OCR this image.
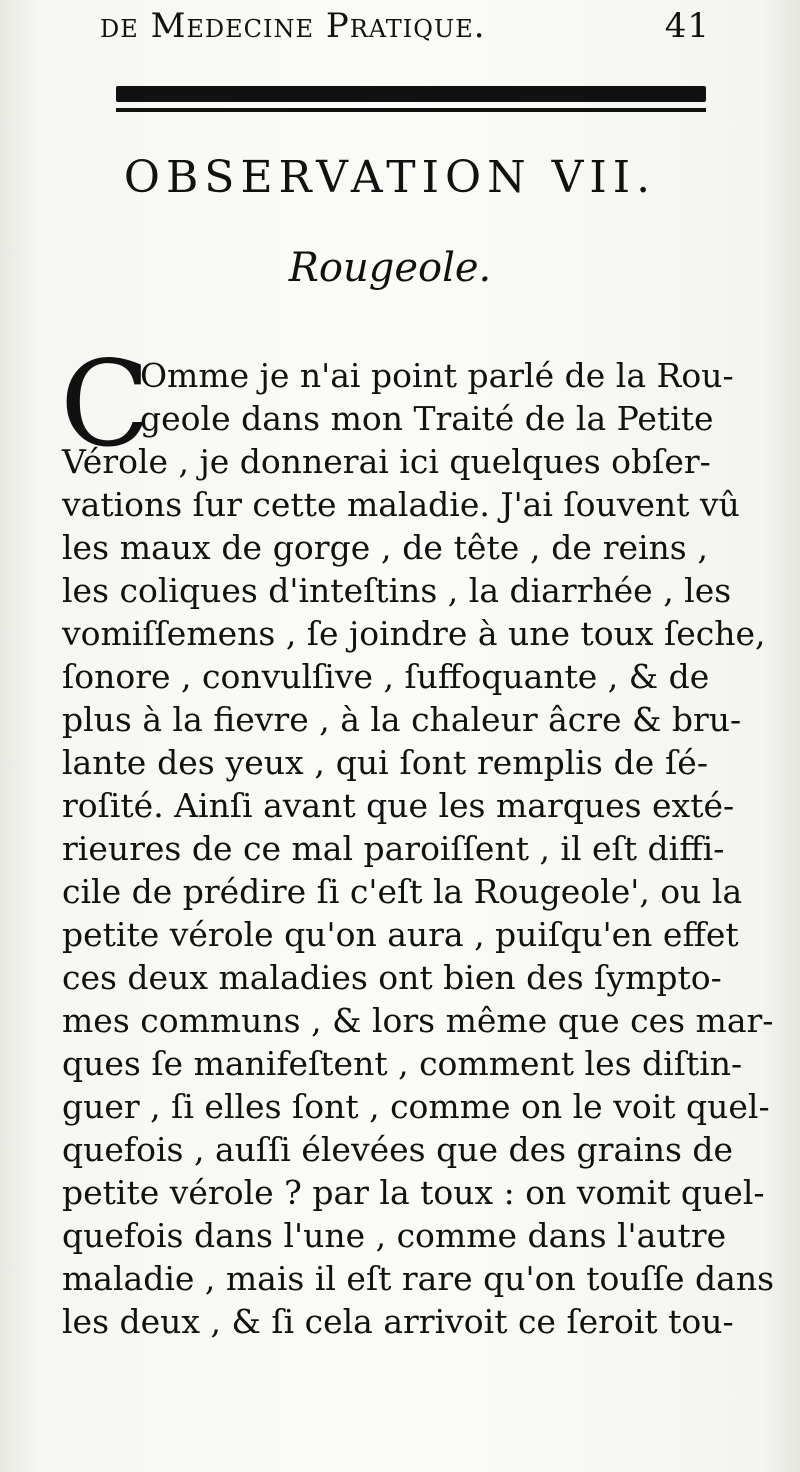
de Medecine Pratique.	41
OBSERVATION VII.
Rougeole.
C
Omme je n'ai point parlé de la Rou-
geole dans mon Traité de la Petite
Vérole , je donnerai ici quelques obſer-
vations ſur cette maladie. J'ai ſouvent vû
les maux de gorge , de tête , de reins ,
les coliques d'inteſtins , la diarrhée , les
vomiſſemens , ſe joindre à une toux ſeche,
ſonore , convulſive , ſuffoquante , & de
plus à la fievre , à la chaleur âcre & bru-
lante des yeux , qui ſont remplis de ſé-
roſité. Ainſi avant que les marques exté-
rieures de ce mal paroiſſent , il eſt diffi-
cile de prédire ſi c'eſt la Rougeole', ou la
petite vérole qu'on aura , puiſqu'en effet
ces deux maladies ont bien des ſympto-
mes communs , & lors même que ces mar-
ques ſe manifeſtent , comment les diſtin-
guer , ſi elles ſont , comme on le voit quel-
quefois , auſſi élevées que des grains de
petite vérole ? par la toux : on vomit quel-
quefois dans l'une , comme dans l'autre
maladie , mais il eſt rare qu'on touſſe dans
les deux , & ſi cela arrivoit ce ſeroit tou-
